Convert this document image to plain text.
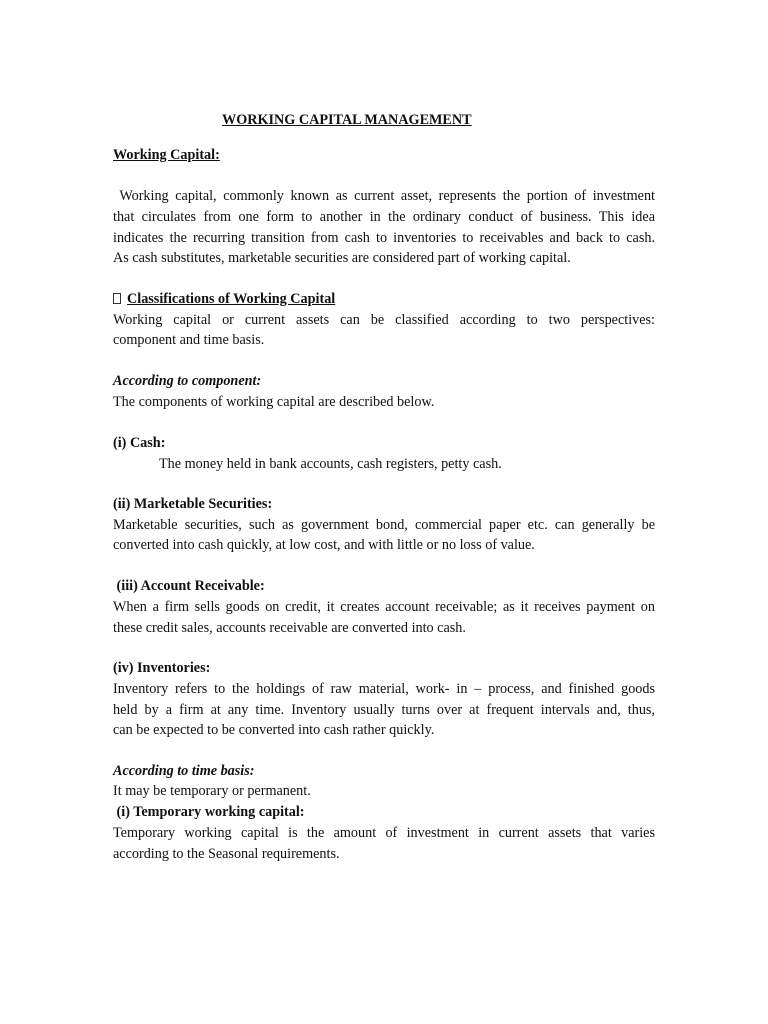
WORKING CAPITAL MANAGEMENT
Working Capital:
Working capital, commonly known as current asset, represents the portion of investment
that circulates from one form to another in the ordinary conduct of business. This idea
indicates the recurring transition from cash to inventories to receivables and back to cash.
As cash substitutes, marketable securities are considered part of working capital.
Classifications of Working Capital
Working capital or current assets can be classified according to two perspectives:
component and time basis.
According to component:
The components of working capital are described below.
(i) Cash:
The money held in bank accounts, cash registers, petty cash.
(ii) Marketable Securities:
Marketable securities, such as government bond, commercial paper etc. can generally be
converted into cash quickly, at low cost, and with little or no loss of value.
(iii) Account Receivable:
When a firm sells goods on credit, it creates account receivable; as it receives payment on
these credit sales, accounts receivable are converted into cash.
(iv) Inventories:
Inventory refers to the holdings of raw material, work- in – process, and finished goods
held by a firm at any time. Inventory usually turns over at frequent intervals and, thus,
can be expected to be converted into cash rather quickly.
According to time basis:
It may be temporary or permanent.
(i) Temporary working capital:
Temporary working capital is the amount of investment in current assets that varies
according to the Seasonal requirements.
